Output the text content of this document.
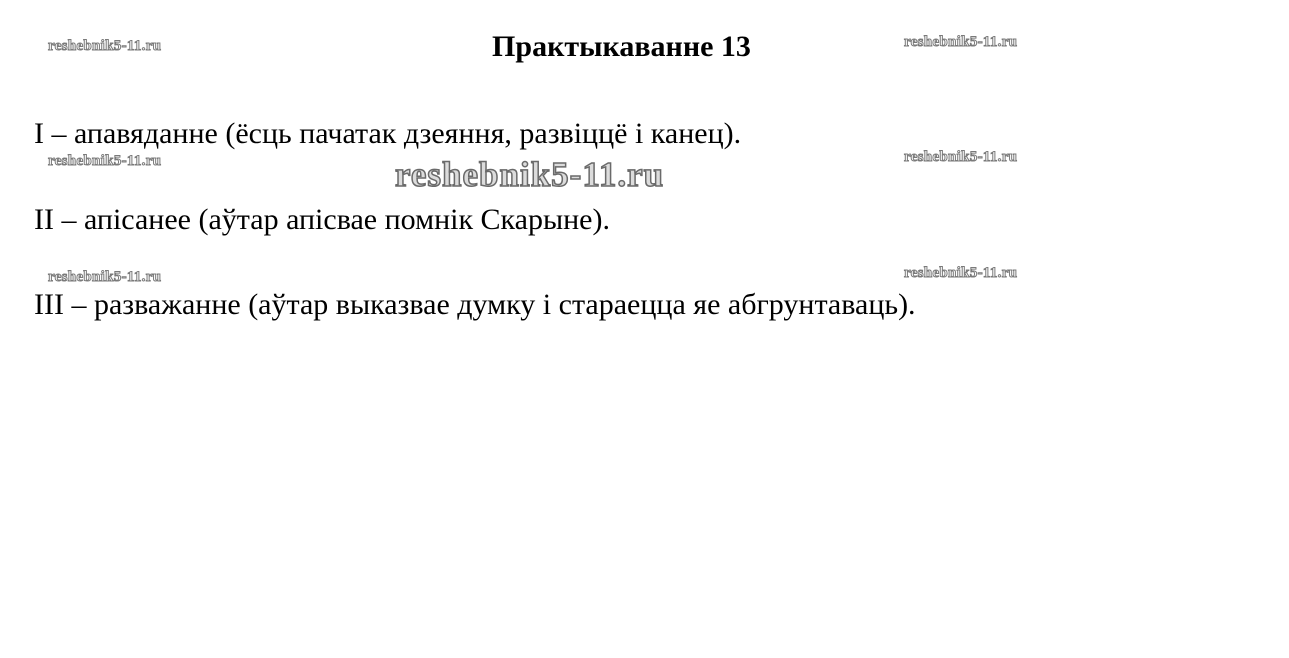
reshebnik5-11.ru	reshebnik5-11.ru
reshebnik5-11.ru	reshebnik5-11.ru
reshebnik5-11.ru	reshebnik5-11.ru
reshebnik5-11.ru
Практыкаванне 13
I – апавяданне (ёсць пачатак дзеяння, развіццё і канец).
II – апісанее (аўтар апісвае помнік Скарыне).
III – разважанне (аўтар выказвае думку і стараецца яе абгрунтаваць).
